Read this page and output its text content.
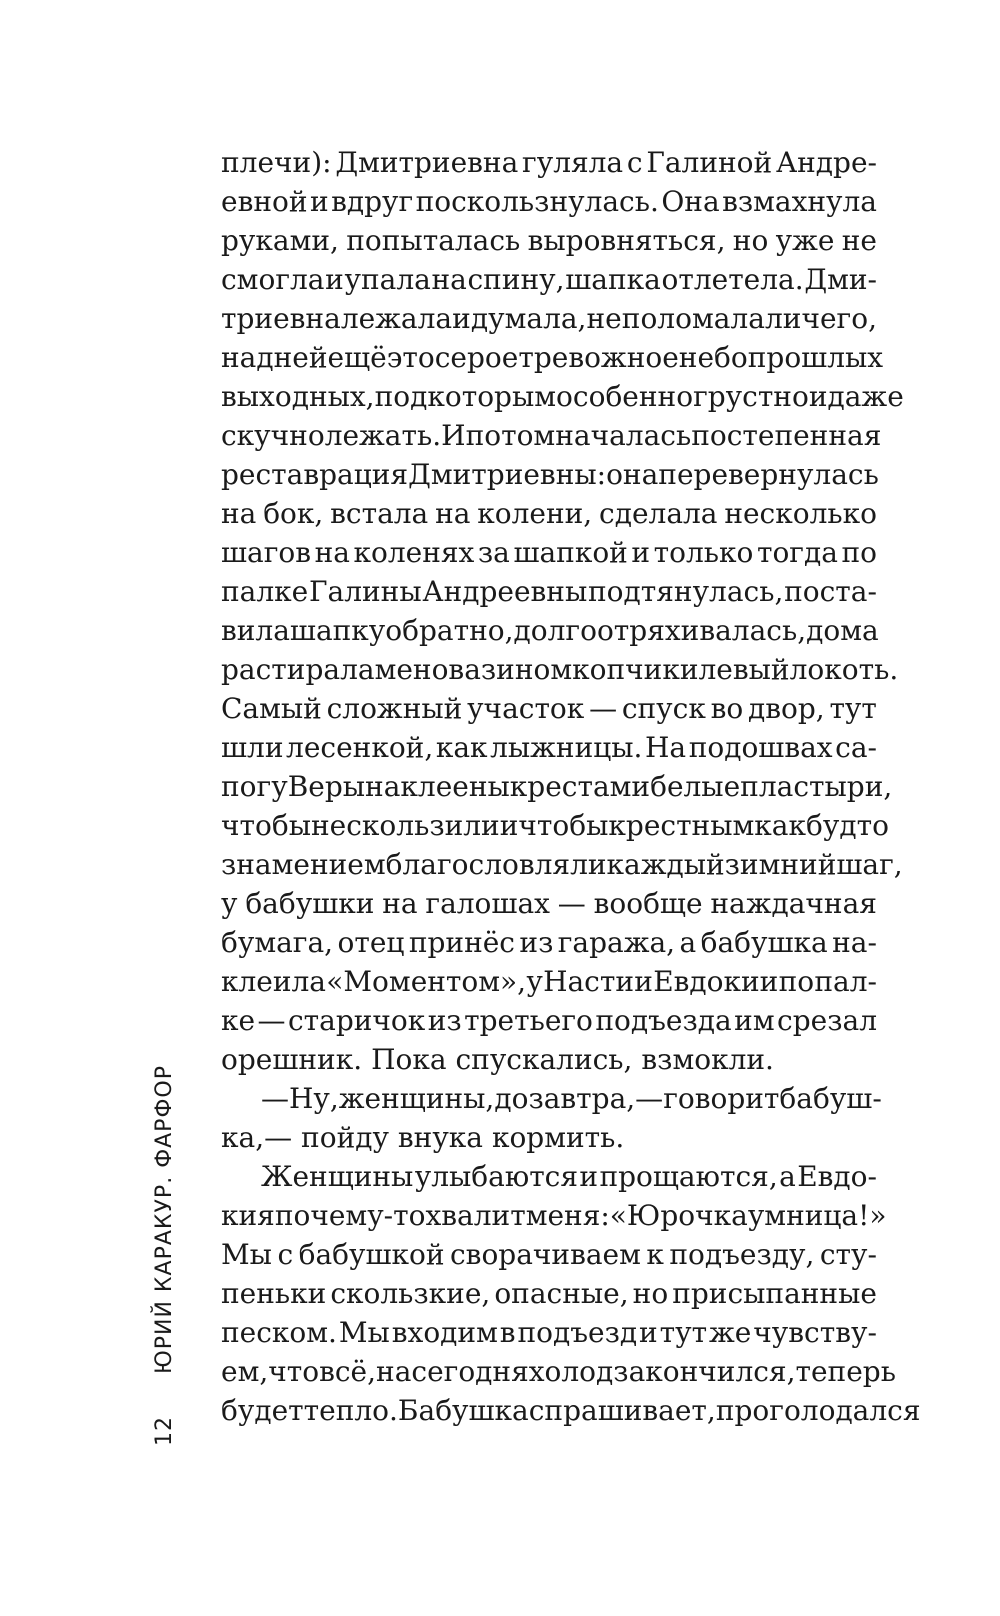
12 ЮРИЙ КАРАКУР. ФАРФОР
плечи): Дмитриевна гуляла с Галиной Андре-
евной и вдруг поскользнулась. Она взмахнула
руками, попыталась выровняться, но уже не
смогла и упала на спину, шапка отлетела. Дми-
триевна лежала и думала, не поломала ли чего,
над ней ещё это серое тревожное небо прошлых
выходных, под которым особенно грустно и даже
скучно лежать. И потом началась постепенная
реставрация Дмитриевны: она перевернулась
на бок, встала на колени, сделала несколько
шагов на коленях за шапкой и только тогда по
палке Галины Андреевны подтянулась, поста-
вила шапку обратно, долго отряхивалась, дома
растирала меновазином копчик и левый локоть.
Самый сложный участок — спуск во двор, тут
шли лесенкой, как лыжницы. На подошвах са-
пог у Веры наклеены крестами белые пластыри,
чтобы не скользили и чтобы крестным как будто
знамением благословляли каждый зимний шаг,
у бабушки на галошах — вообще наждачная
бумага, отец принёс из гаража, а бабушка на-
клеила «Моментом», у Насти и Евдокии по пал-
ке — старичок из третьего подъезда им срезал
орешник. Пока спускались, взмокли.
— Ну, женщины, до завтра,— говорит бабуш-
ка,— пойду внука кормить.
Женщины улыбаются и прощаются, а Евдо-
кия почему-то хвалит меня: «Юрочка умница!»
Мы с бабушкой сворачиваем к подъезду, сту-
пеньки скользкие, опасные, но присыпанные
песком. Мы входим в подъезд и тут же чувству-
ем, что всё, на сегодня холод закончился, теперь
будет тепло. Бабушка спрашивает, проголодался
